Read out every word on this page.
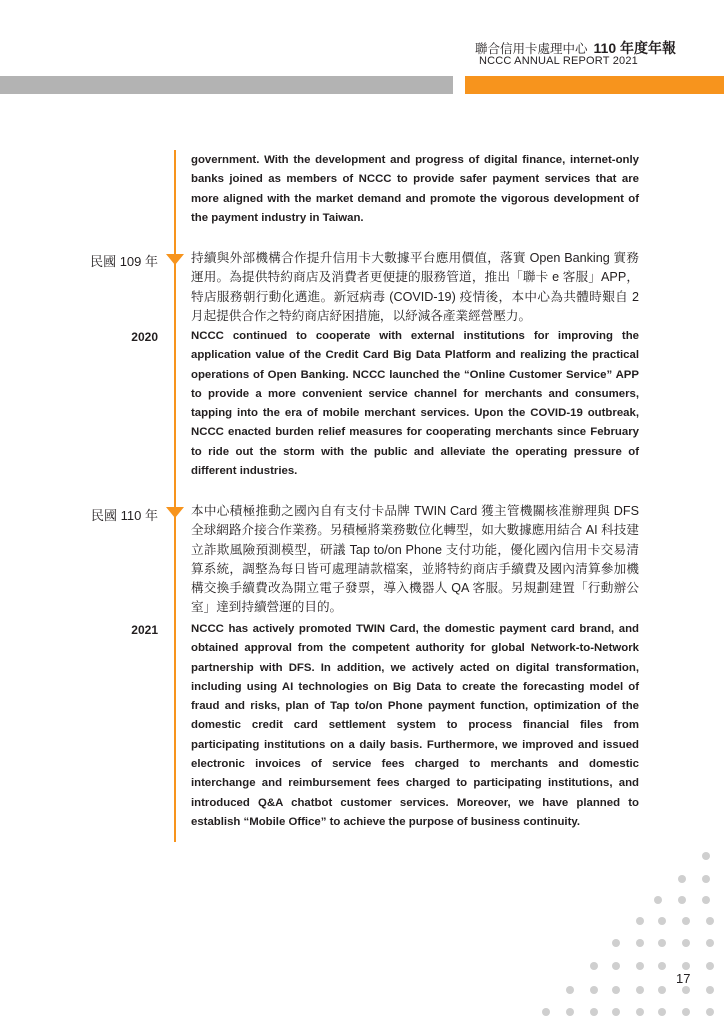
聯合信用卡處理中心 110 年度年報
NCCC ANNUAL REPORT 2021

government. With the development and progress of digital finance, internet-only banks joined as members of NCCC to provide safer payment services that are more aligned with the market demand and promote the vigorous development of the payment industry in Taiwan.

民國 109 年	持續與外部機構合作提升信用卡大數據平台應用價值，落實 Open Banking 實務運用。為提供特約商店及消費者更便捷的服務管道，推出「聯卡 e 客服」APP，特店服務朝行動化邁進。新冠病毒 (COVID-19) 疫情後，本中心為共體時艱自 2 月起提供合作之特約商店紓困措施，以紓減各產業經營壓力。

2020	NCCC continued to cooperate with external institutions for improving the application value of the Credit Card Big Data Platform and realizing the practical operations of Open Banking. NCCC launched the “Online Customer Service” APP to provide a more convenient service channel for merchants and consumers, tapping into the era of mobile merchant services. Upon the COVID-19 outbreak, NCCC enacted burden relief measures for cooperating merchants since February to ride out the storm with the public and alleviate the operating pressure of different industries.

民國 110 年	本中心積極推動之國內自有支付卡品牌 TWIN Card 獲主管機關核准辦理與 DFS 全球網路介接合作業務。另積極將業務數位化轉型，如大數據應用結合 AI 科技建立詐欺風險預測模型，研議 Tap to/on Phone 支付功能，優化國內信用卡交易清算系統，調整為每日皆可處理請款檔案，並將特約商店手續費及國內清算參加機構交換手續費改為開立電子發票，導入機器人 QA 客服。另規劃建置「行動辦公室」達到持續營運的目的。

2021	NCCC has actively promoted TWIN Card, the domestic payment card brand, and obtained approval from the competent authority for global Network-to-Network partnership with DFS. In addition, we actively acted on digital transformation, including using AI technologies on Big Data to create the forecasting model of fraud and risks, plan of Tap to/on Phone payment function, optimization of the domestic credit card settlement system to process financial files from participating institutions on a daily basis. Furthermore, we improved and issued electronic invoices of service fees charged to merchants and domestic interchange and reimbursement fees charged to participating institutions, and introduced Q&A chatbot customer services. Moreover, we have planned to establish “Mobile Office” to achieve the purpose of business continuity.

17
